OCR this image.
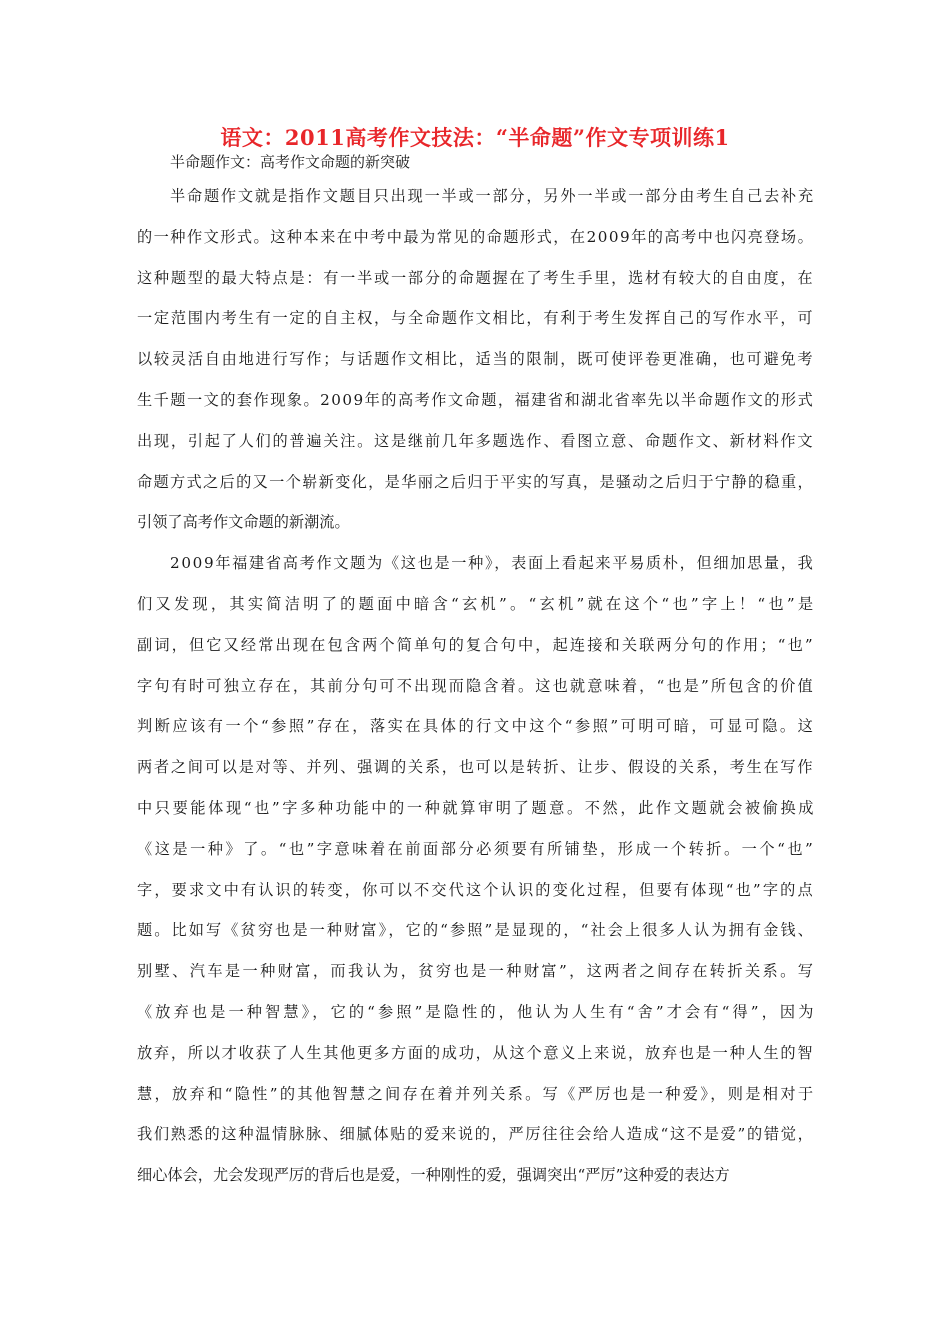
语文：2011高考作文技法：“半命题”作文专项训练1
半命题作文：高考作文命题的新突破
半命题作文就是指作文题目只出现一半或一部分，另外一半或一部分由考生自己去补充
的一种作文形式。这种本来在中考中最为常见的命题形式，在2009年的高考中也闪亮登场。
这种题型的最大特点是：有一半或一部分的命题握在了考生手里，选材有较大的自由度，在
一定范围内考生有一定的自主权，与全命题作文相比，有利于考生发挥自己的写作水平，可
以较灵活自由地进行写作；与话题作文相比，适当的限制，既可使评卷更准确，也可避免考
生千题一文的套作现象。2009年的高考作文命题，福建省和湖北省率先以半命题作文的形式
出现，引起了人们的普遍关注。这是继前几年多题选作、看图立意、命题作文、新材料作文
命题方式之后的又一个崭新变化，是华丽之后归于平实的写真，是骚动之后归于宁静的稳重，
引领了高考作文命题的新潮流。
2009年福建省高考作文题为《这也是一种》，表面上看起来平易质朴，但细加思量，我
们又发现，其实简洁明了的题面中暗含“玄机”。“玄机”就在这个“也”字上！“也”是
副词，但它又经常出现在包含两个简单句的复合句中，起连接和关联两分句的作用；“也”
字句有时可独立存在，其前分句可不出现而隐含着。这也就意味着，“也是”所包含的价值
判断应该有一个“参照”存在，落实在具体的行文中这个“参照”可明可暗，可显可隐。这
两者之间可以是对等、并列、强调的关系，也可以是转折、让步、假设的关系，考生在写作
中只要能体现“也”字多种功能中的一种就算审明了题意。不然，此作文题就会被偷换成
《这是一种》了。“也”字意味着在前面部分必须要有所铺垫，形成一个转折。一个“也”
字，要求文中有认识的转变，你可以不交代这个认识的变化过程，但要有体现“也”字的点
题。比如写《贫穷也是一种财富》，它的“参照”是显现的，“社会上很多人认为拥有金钱、
别墅、汽车是一种财富，而我认为，贫穷也是一种财富”，这两者之间存在转折关系。写
《放弃也是一种智慧》，它的“参照”是隐性的，他认为人生有“舍”才会有“得”，因为
放弃，所以才收获了人生其他更多方面的成功，从这个意义上来说，放弃也是一种人生的智
慧，放弃和“隐性”的其他智慧之间存在着并列关系。写《严厉也是一种爱》，则是相对于
我们熟悉的这种温情脉脉、细腻体贴的爱来说的，严厉往往会给人造成“这不是爱”的错觉，
细心体会，尤会发现严厉的背后也是爱，一种刚性的爱，强调突出“严厉”这种爱的表达方
